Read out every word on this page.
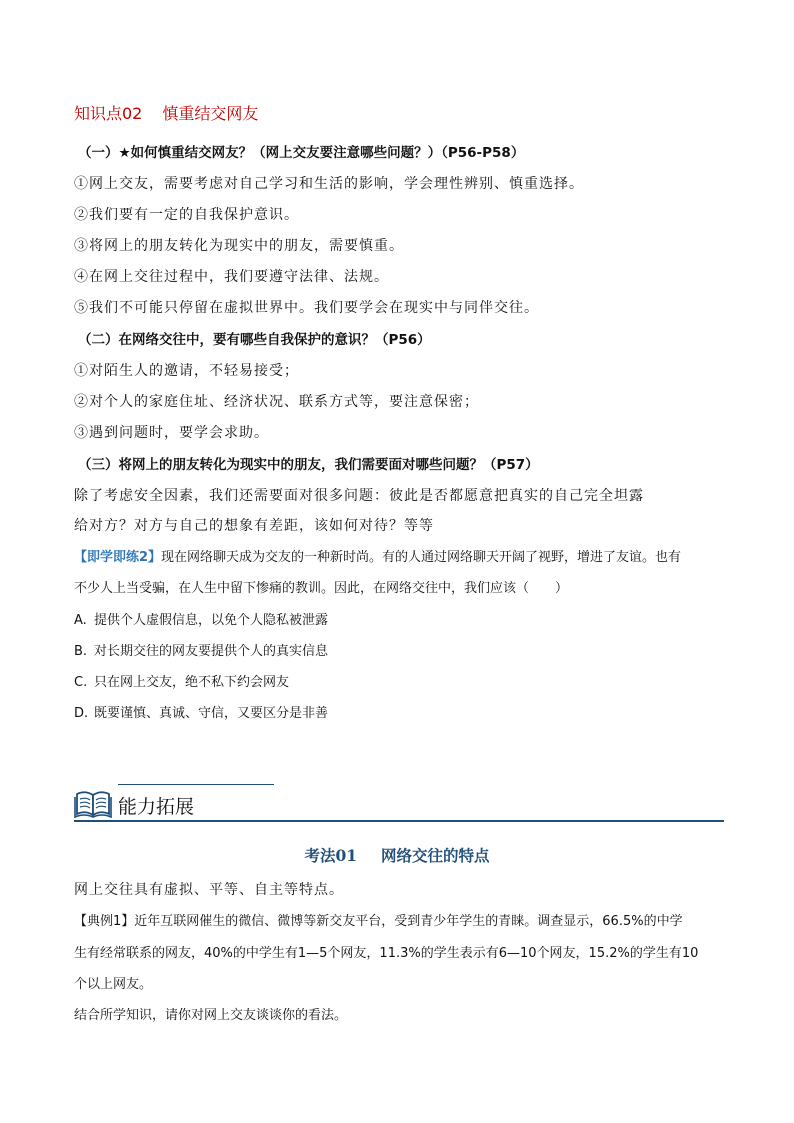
知识点02 慎重结交网友
（一）★如何慎重结交网友？（网上交友要注意哪些问题？）（P56-P58）
①网上交友，需要考虑对自己学习和生活的影响，学会理性辨别、慎重选择。
②我们要有一定的自我保护意识。
③将网上的朋友转化为现实中的朋友，需要慎重。
④在网上交往过程中，我们要遵守法律、法规。
⑤我们不可能只停留在虚拟世界中。我们要学会在现实中与同伴交往。
（二）在网络交往中，要有哪些自我保护的意识？（P56）
①对陌生人的邀请，不轻易接受；
②对个人的家庭住址、经济状况、联系方式等，要注意保密；
③遇到问题时，要学会求助。
（三）将网上的朋友转化为现实中的朋友，我们需要面对哪些问题？（P57）
除了考虑安全因素，我们还需要面对很多问题：彼此是否都愿意把真实的自己完全坦露
给对方？对方与自己的想象有差距，该如何对待？等等
【即学即练2】现在网络聊天成为交友的一种新时尚。有的人通过网络聊天开阔了视野，增进了友谊。也有
不少人上当受骗，在人生中留下惨痛的教训。因此，在网络交往中，我们应该（　　）
A. 提供个人虚假信息，以免个人隐私被泄露
B. 对长期交往的网友要提供个人的真实信息
C. 只在网上交友，绝不私下约会网友
D. 既要谨慎、真诚、守信，又要区分是非善
能力拓展
考法01 网络交往的特点
网上交往具有虚拟、平等、自主等特点。
【典例1】近年互联网催生的微信、微博等新交友平台，受到青少年学生的青睐。调查显示，66.5%的中学
生有经常联系的网友，40%的中学生有1—5个网友，11.3%的学生表示有6—10个网友，15.2%的学生有10
个以上网友。
结合所学知识，请你对网上交友谈谈你的看法。
